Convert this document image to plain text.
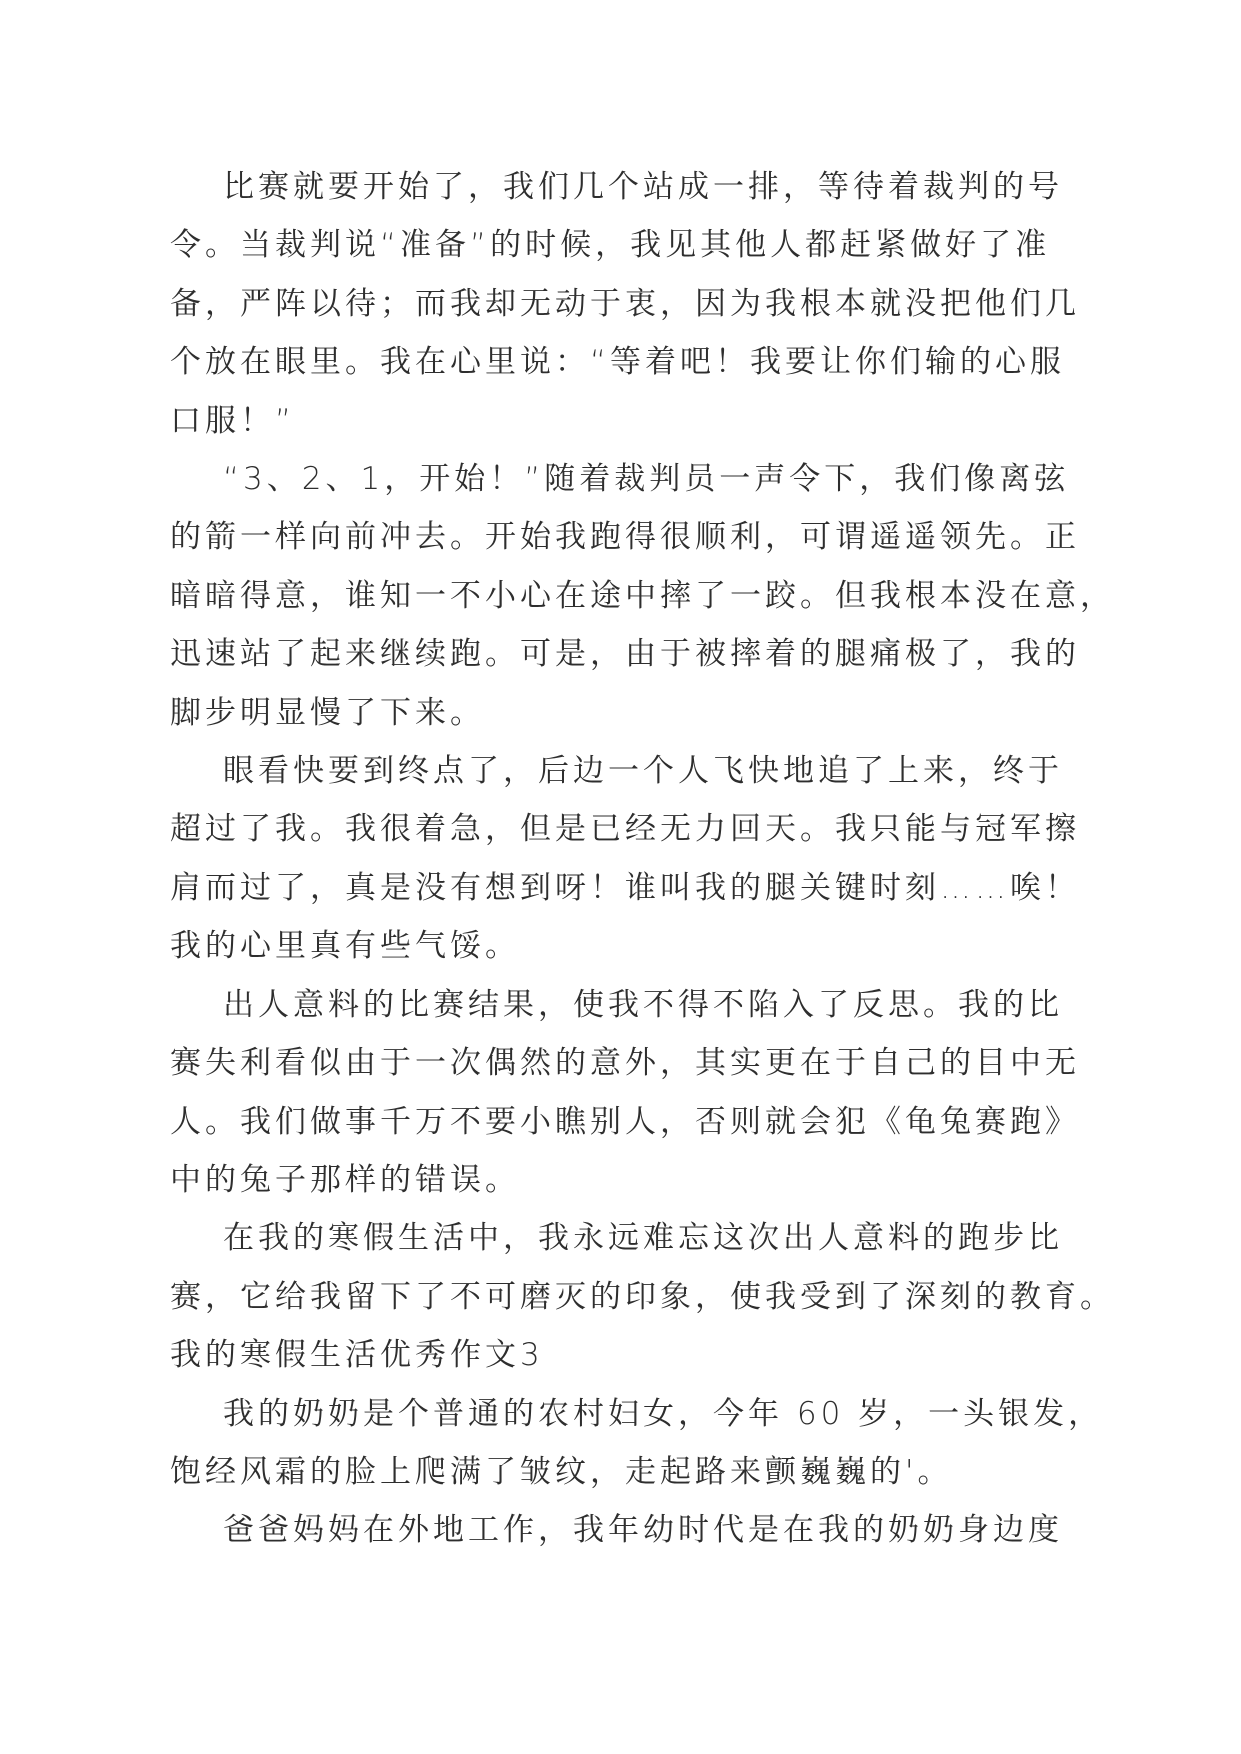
比赛就要开始了，我们几个站成一排，等待着裁判的号
令。当裁判说“准备”的时候，我见其他人都赶紧做好了准
备，严阵以待；而我却无动于衷，因为我根本就没把他们几
个放在眼里。我在心里说：“等着吧！我要让你们输的心服
口服！”
“3、2、1，开始！”随着裁判员一声令下，我们像离弦
的箭一样向前冲去。开始我跑得很顺利，可谓遥遥领先。正
暗暗得意，谁知一不小心在途中摔了一跤。但我根本没在意，
迅速站了起来继续跑。可是，由于被摔着的腿痛极了，我的
脚步明显慢了下来。
眼看快要到终点了，后边一个人飞快地追了上来，终于
超过了我。我很着急，但是已经无力回天。我只能与冠军擦
肩而过了，真是没有想到呀！谁叫我的腿关键时刻……唉！
我的心里真有些气馁。
出人意料的比赛结果，使我不得不陷入了反思。我的比
赛失利看似由于一次偶然的意外，其实更在于自己的目中无
人。我们做事千万不要小瞧别人，否则就会犯《龟兔赛跑》
中的兔子那样的错误。
在我的寒假生活中，我永远难忘这次出人意料的跑步比
赛，它给我留下了不可磨灭的印象，使我受到了深刻的教育。
我的寒假生活优秀作文3
我的奶奶是个普通的农村妇女，今年 60 岁，一头银发，
饱经风霜的脸上爬满了皱纹，走起路来颤巍巍的'。
爸爸妈妈在外地工作，我年幼时代是在我的奶奶身边度
